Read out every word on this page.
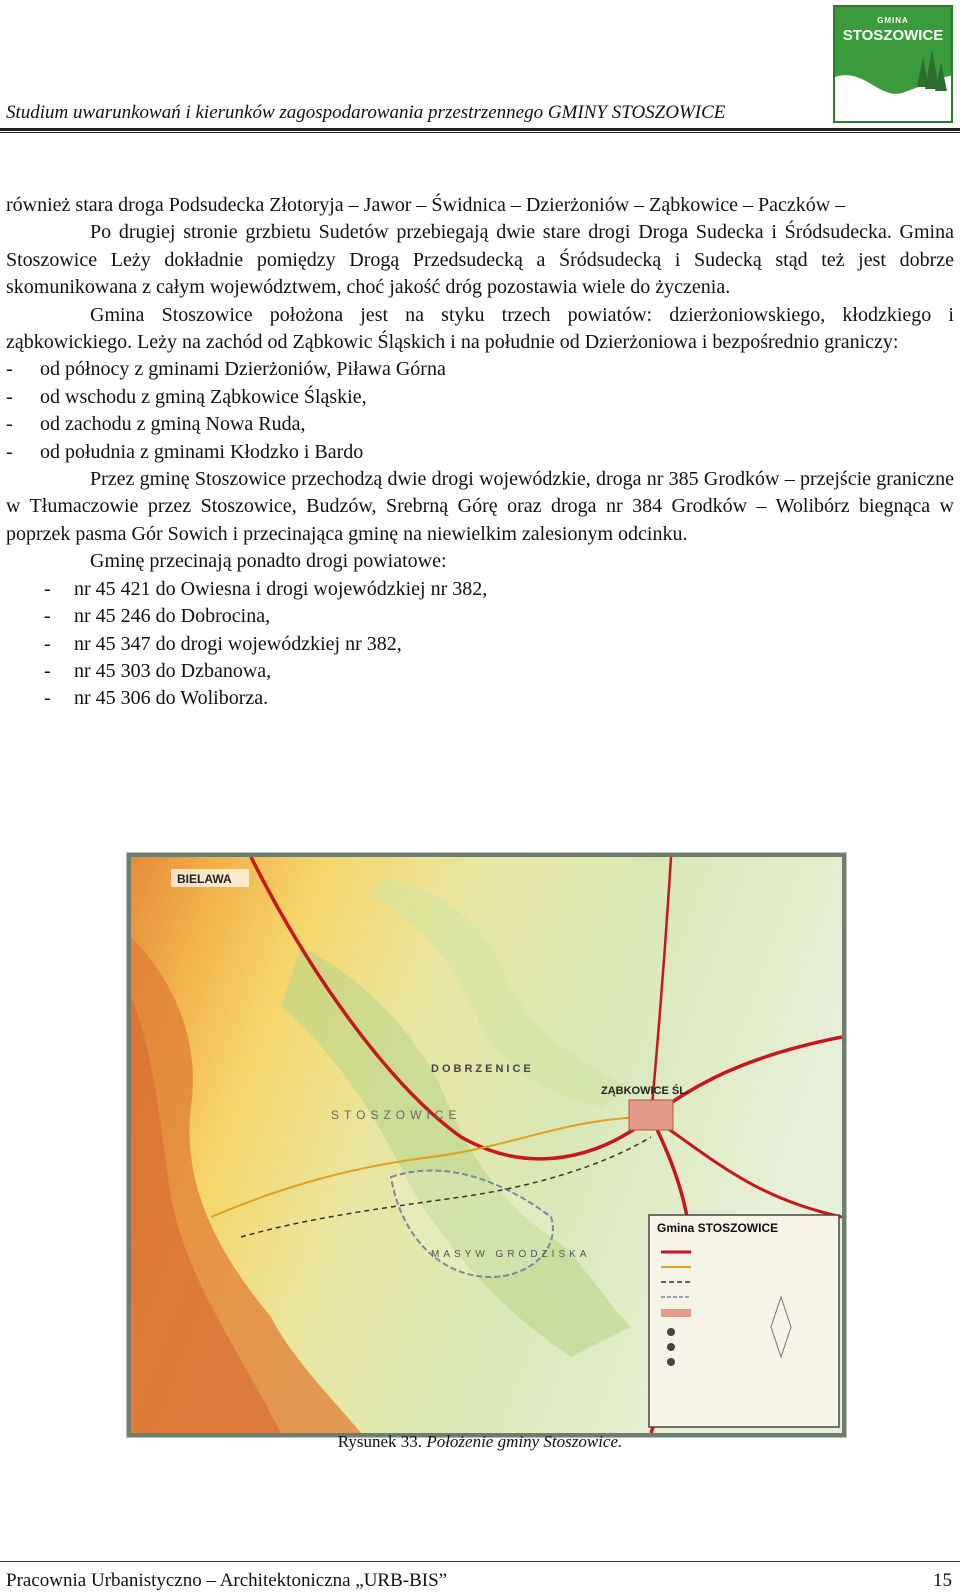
GMINA
STOSZOWICE
Studium uwarunkowań i kierunków zagospodarowania przestrzennego GMINY STOSZOWICE

również stara droga Podsudecka Złotoryja – Jawor – Świdnica – Dzierżoniów – Ząbkowice – Paczków –

Po drugiej stronie grzbietu Sudetów przebiegają dwie stare drogi Droga Sudecka i Śródsudecka. Gmina Stoszowice Leży dokładnie pomiędzy Drogą Przedsudecką a Śródsudecką i Sudecką stąd też jest dobrze skomunikowana z całym województwem, choć jakość dróg pozostawia wiele do życzenia.

Gmina Stoszowice położona jest na styku trzech powiatów: dzierżoniowskiego, kłodzkiego i ząbkowickiego. Leży na zachód od Ząbkowic Śląskich i na południe od Dzierżoniowa i bezpośrednio graniczy:

- od północy z gminami Dzierżoniów, Piława Górna
- od wschodu z gminą Ząbkowice Śląskie,
- od zachodu z gminą Nowa Ruda,
- od południa z gminami Kłodzko i Bardo

Przez gminę Stoszowice przechodzą dwie drogi wojewódzkie, droga nr 385 Grodków – przejście graniczne w Tłumaczowie przez Stoszowice, Budzów, Srebrną Górę oraz droga nr 384 Grodków – Wolibórz biegnąca w poprzek pasma Gór Sowich i przecinająca gminę na niewielkim zalesionym odcinku.

Gminę przecinają ponadto drogi powiatowe:

- nr 45 421 do Owiesna i drogi wojewódzkiej nr 382,
- nr 45 246 do Dobrocina,
- nr 45 347 do drogi wojewódzkiej nr 382,
- nr 45 303 do Dzbanowa,
- nr 45 306 do Woliborza.
BIELAWA
DOBRZENICE
STOSZOWICE
ZĄBKOWICE ŚL.
MASYW GRODZISKA
Gmina STOSZOWICE
Rysunek 33. Położenie gminy Stoszowice.
Pracownia Urbanistyczno – Architektoniczna „URB-BIS”	15
